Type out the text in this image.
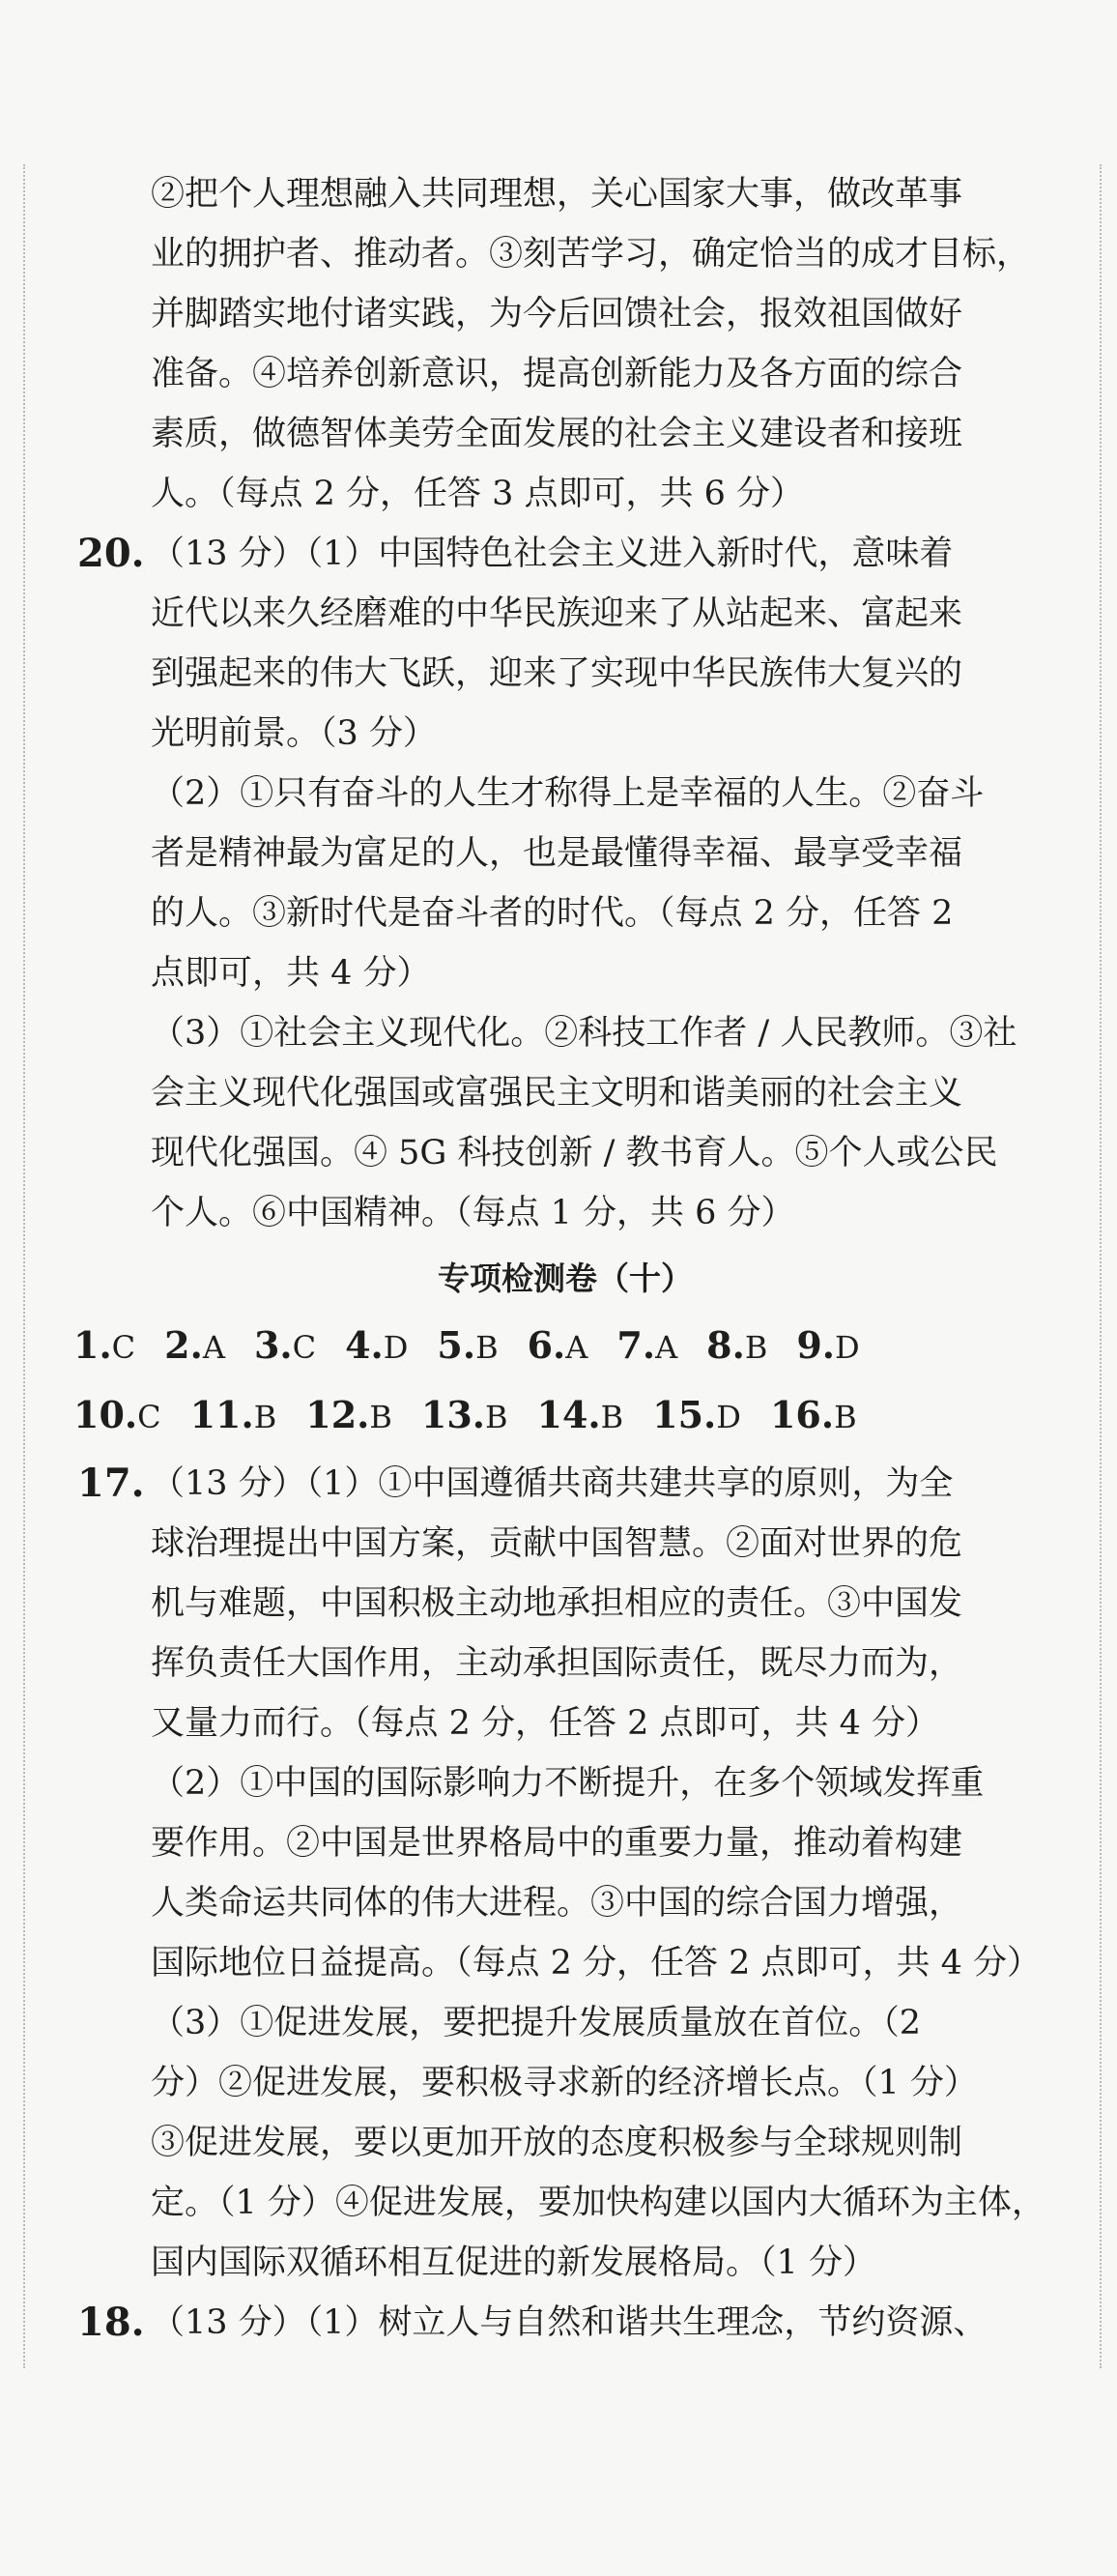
②把个人理想融入共同理想，关心国家大事，做改革事

业的拥护者、推动者。③刻苦学习，确定恰当的成才目标，

并脚踏实地付诸实践，为今后回馈社会，报效祖国做好

准备。④培养创新意识，提高创新能力及各方面的综合

素质，做德智体美劳全面发展的社会主义建设者和接班

人。（每点 2 分，任答 3 点即可，共 6 分）

20. （13 分）（1）中国特色社会主义进入新时代，意味着

近代以来久经磨难的中华民族迎来了从站起来、富起来

到强起来的伟大飞跃，迎来了实现中华民族伟大复兴的

光明前景。（3 分）

（2）①只有奋斗的人生才称得上是幸福的人生。②奋斗

者是精神最为富足的人，也是最懂得幸福、最享受幸福

的人。③新时代是奋斗者的时代。（每点 2 分，任答 2

点即可，共 4 分）

（3）①社会主义现代化。②科技工作者 / 人民教师。③社

会主义现代化强国或富强民主文明和谐美丽的社会主义

现代化强国。④ 5G 科技创新 / 教书育人。⑤个人或公民

个人。⑥中国精神。（每点 1 分，共 6 分）

专项检测卷（十）
1.C 2.A 3.C 4.D 5.B 6.A 7.A 8.B 9.D
10.C 11.B 12.B 13.B 14.B 15.D 16.B
17. （13 分）（1）①中国遵循共商共建共享的原则，为全

球治理提出中国方案，贡献中国智慧。②面对世界的危

机与难题，中国积极主动地承担相应的责任。③中国发

挥负责任大国作用，主动承担国际责任，既尽力而为，

又量力而行。（每点 2 分，任答 2 点即可，共 4 分）

（2）①中国的国际影响力不断提升，在多个领域发挥重

要作用。②中国是世界格局中的重要力量，推动着构建

人类命运共同体的伟大进程。③中国的综合国力增强，

国际地位日益提高。（每点 2 分，任答 2 点即可，共 4 分）

（3）①促进发展，要把提升发展质量放在首位。（2

分）②促进发展，要积极寻求新的经济增长点。（1 分）

③促进发展，要以更加开放的态度积极参与全球规则制

定。（1 分）④促进发展，要加快构建以国内大循环为主体，

国内国际双循环相互促进的新发展格局。（1 分）

18. （13 分）（1）树立人与自然和谐共生理念，节约资源、
